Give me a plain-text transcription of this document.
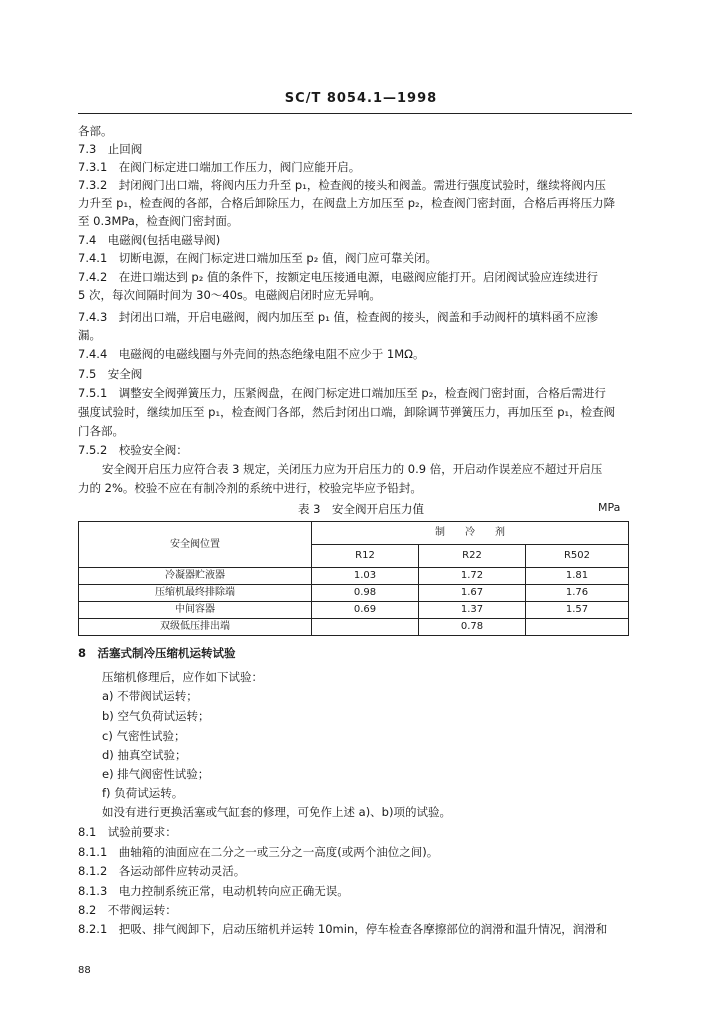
SC/T 8054.1—1998
各部。
7.3　止回阀
7.3.1　在阀门标定进口端加工作压力，阀门应能开启。
7.3.2　封闭阀门出口端，将阀内压力升至 p₁，检查阀的接头和阀盖。需进行强度试验时，继续将阀内压
力升至 p₁，检查阀的各部，合格后卸除压力，在阀盘上方加压至 p₂，检查阀门密封面，合格后再将压力降
至 0.3MPa，检查阀门密封面。
7.4　电磁阀(包括电磁导阀)
7.4.1　切断电源，在阀门标定进口端加压至 p₂ 值，阀门应可靠关闭。
7.4.2　在进口端达到 p₂ 值的条件下，按额定电压接通电源，电磁阀应能打开。启闭阀试验应连续进行
5 次，每次间隔时间为 30～40s。电磁阀启闭时应无异响。
7.4.3　封闭出口端，开启电磁阀，阀内加压至 p₁ 值，检查阀的接头，阀盖和手动阀杆的填料函不应渗
漏。
7.4.4　电磁阀的电磁线圈与外壳间的热态绝缘电阻不应少于 1MΩ。
7.5　安全阀
7.5.1　调整安全阀弹簧压力，压紧阀盘，在阀门标定进口端加压至 p₂，检查阀门密封面，合格后需进行
强度试验时，继续加压至 p₁，检查阀门各部，然后封闭出口端，卸除调节弹簧压力，再加压至 p₁，检查阀
门各部。
7.5.2　校验安全阀：
安全阀开启压力应符合表 3 规定，关闭压力应为开启压力的 0.9 倍，开启动作误差应不超过开启压
力的 2%。校验不应在有制冷剂的系统中进行，校验完毕应予铅封。
表 3　安全阀开启压力值	MPa
安全阀位置	制　　冷　　剂		
	R12	R22	R502
冷凝器贮液器	1.03	1.72	1.81
压缩机最终排除端	0.98	1.67	1.76
中间容器	0.69	1.37	1.57
双级低压排出端		0.78	
8　活塞式制冷压缩机运转试验
压缩机修理后，应作如下试验：
a) 不带阀试运转；
b) 空气负荷试运转；
c) 气密性试验；
d) 抽真空试验；
e) 排气阀密性试验；
f) 负荷试运转。
如没有进行更换活塞或气缸套的修理，可免作上述 a)、b)项的试验。
8.1　试验前要求：
8.1.1　曲轴箱的油面应在二分之一或三分之一高度(或两个油位之间)。
8.1.2　各运动部件应转动灵活。
8.1.3　电力控制系统正常，电动机转向应正确无误。
8.2　不带阀运转：
8.2.1　把吸、排气阀卸下，启动压缩机并运转 10min，停车检查各摩擦部位的润滑和温升情况，润滑和
88
